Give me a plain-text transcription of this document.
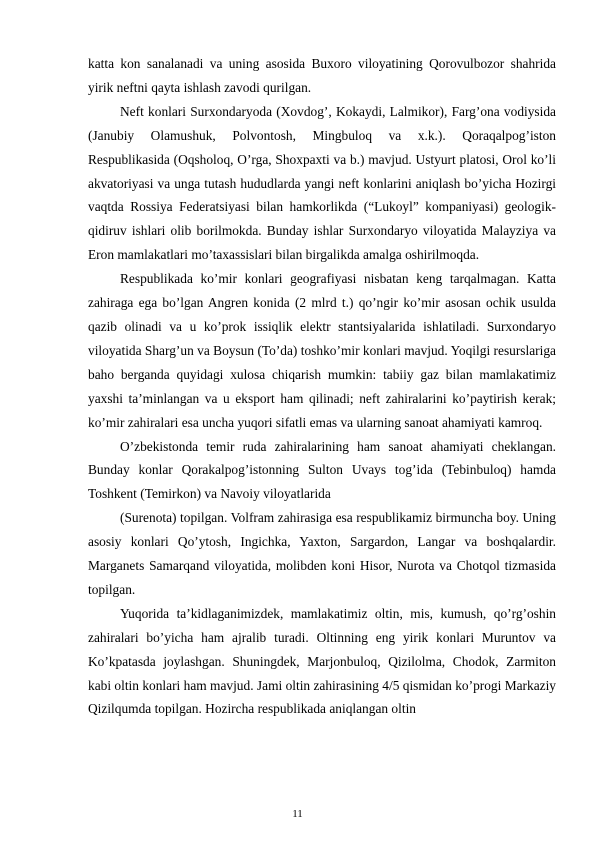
katta kon sanalanadi va uning asosida Buxoro viloyatining Qorovulbozor shahrida yirik neftni qayta ishlash zavodi qurilgan.

Neft konlari Surxondaryoda (Xovdog’, Kokaydi, Lalmikor), Farg’ona vodiysida (Janubiy Olamushuk, Polvontosh, Mingbuloq va x.k.). Qoraqalpog’iston Respublikasida (Oqsholoq, O’rga, Shoxpaxti va b.) mavjud. Ustyurt platosi, Orol ko’li akvatoriyasi va unga tutash hududlarda yangi neft konlarini aniqlash bo’yicha Hozirgi vaqtda Rossiya Federatsiyasi bilan hamkorlikda (“Lukoyl” kompaniyasi) geologik- qidiruv ishlari olib borilmokda. Bunday ishlar Surxondaryo viloyatida Malayziya va Eron mamlakatlari mo’taxassislari bilan birgalikda amalga oshirilmoqda.

Respublikada ko’mir konlari geografiyasi nisbatan keng tarqalmagan. Katta zahiraga ega bo’lgan Angren konida (2 mlrd t.) qo’ngir ko’mir asosan ochik usulda qazib olinadi va u ko’prok issiqlik elektr stantsiyalarida ishlatiladi. Surxondaryo viloyatida Sharg’un va Boysun (To’da) toshko’mir konlari mavjud. Yoqilgi resurslariga baho berganda quyidagi xulosa chiqarish mumkin: tabiiy gaz bilan mamlakatimiz yaxshi ta’minlangan va u eksport ham qilinadi; neft zahiralarini ko’paytirish kerak; ko’mir zahiralari esa uncha yuqori sifatli emas va ularning sanoat ahamiyati kamroq.

O’zbekistonda temir ruda zahiralarining ham sanoat ahamiyati cheklangan. Bunday konlar Qorakalpog’istonning Sulton Uvays tog’ida (Tebinbuloq) hamda Toshkent (Temirkon) va Navoiy viloyatlarida

(Surenota) topilgan. Volfram zahirasiga esa respublikamiz birmuncha boy. Uning asosiy konlari Qo’ytosh, Ingichka, Yaxton, Sargardon, Langar va boshqalardir. Marganets Samarqand viloyatida, molibden koni Hisor, Nurota va Chotqol tizmasida topilgan.

Yuqorida ta’kidlaganimizdek, mamlakatimiz oltin, mis, kumush, qo’rg’oshin zahiralari bo’yicha ham ajralib turadi. Oltinning eng yirik konlari Muruntov va Ko’kpatasda joylashgan. Shuningdek, Marjonbuloq, Qizilolma, Chodok, Zarmiton kabi oltin konlari ham mavjud. Jami oltin zahirasining 4/5 qismidan ko’progi Markaziy Qizilqumda topilgan. Hozircha respublikada aniqlangan oltin

11
